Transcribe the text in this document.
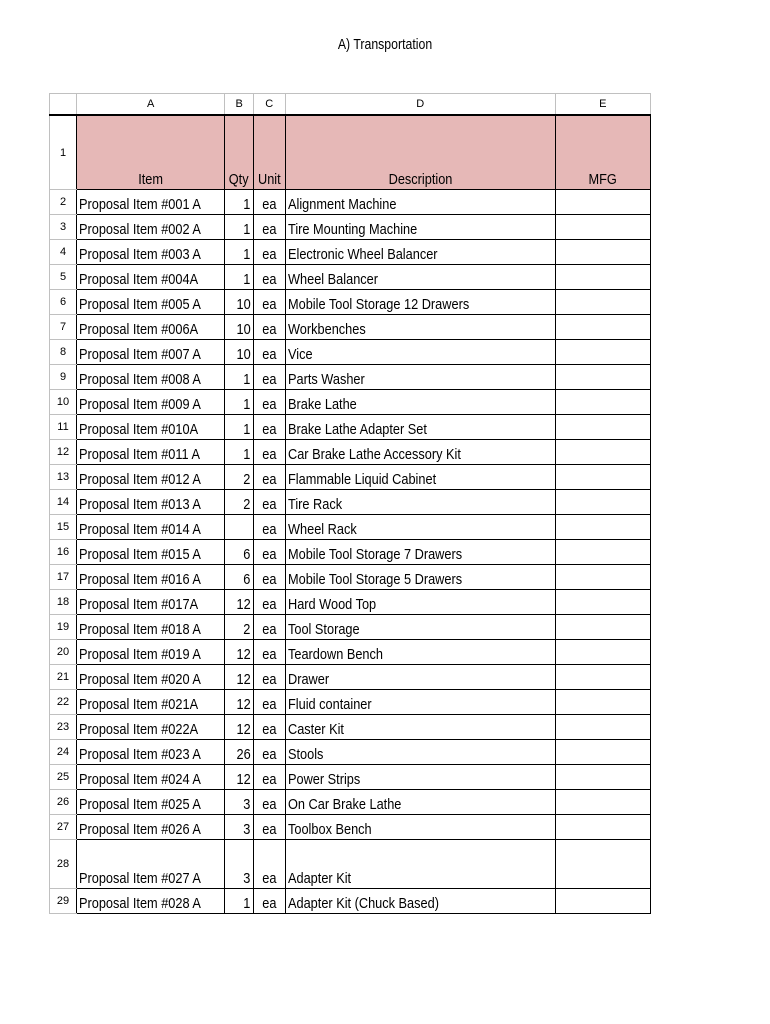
A) Transportation
	A	B	C	D	E
1	Item	Qty	Unit	Description	MFG
2	Proposal Item #001 A	1	ea	Alignment Machine	
3	Proposal Item #002 A	1	ea	Tire Mounting Machine	
4	Proposal Item #003 A	1	ea	Electronic Wheel Balancer	
5	Proposal Item #004A	1	ea	Wheel Balancer	
6	Proposal Item #005 A	10	ea	Mobile Tool Storage 12 Drawers	
7	Proposal Item #006A	10	ea	Workbenches	
8	Proposal Item #007 A	10	ea	Vice	
9	Proposal Item #008 A	1	ea	Parts Washer	
10	Proposal Item #009 A	1	ea	Brake Lathe	
11	Proposal Item #010A	1	ea	Brake Lathe Adapter Set	
12	Proposal Item #011 A	1	ea	Car Brake Lathe Accessory Kit	
13	Proposal Item #012 A	2	ea	Flammable Liquid Cabinet	
14	Proposal Item #013 A	2	ea	Tire Rack	
15	Proposal Item #014 A		ea	Wheel Rack	
16	Proposal Item #015 A	6	ea	Mobile Tool Storage 7 Drawers	
17	Proposal Item #016 A	6	ea	Mobile Tool Storage 5 Drawers	
18	Proposal Item #017A	12	ea	Hard Wood Top	
19	Proposal Item #018 A	2	ea	Tool Storage	
20	Proposal Item #019 A	12	ea	Teardown Bench	
21	Proposal Item #020 A	12	ea	Drawer	
22	Proposal Item #021A	12	ea	Fluid container	
23	Proposal Item #022A	12	ea	Caster Kit	
24	Proposal Item #023 A	26	ea	Stools	
25	Proposal Item #024 A	12	ea	Power Strips	
26	Proposal Item #025 A	3	ea	On Car Brake Lathe	
27	Proposal Item #026 A	3	ea	Toolbox Bench	
28	Proposal Item #027 A	3	ea	Adapter Kit	
29	Proposal Item #028 A	1	ea	Adapter Kit (Chuck Based)	
